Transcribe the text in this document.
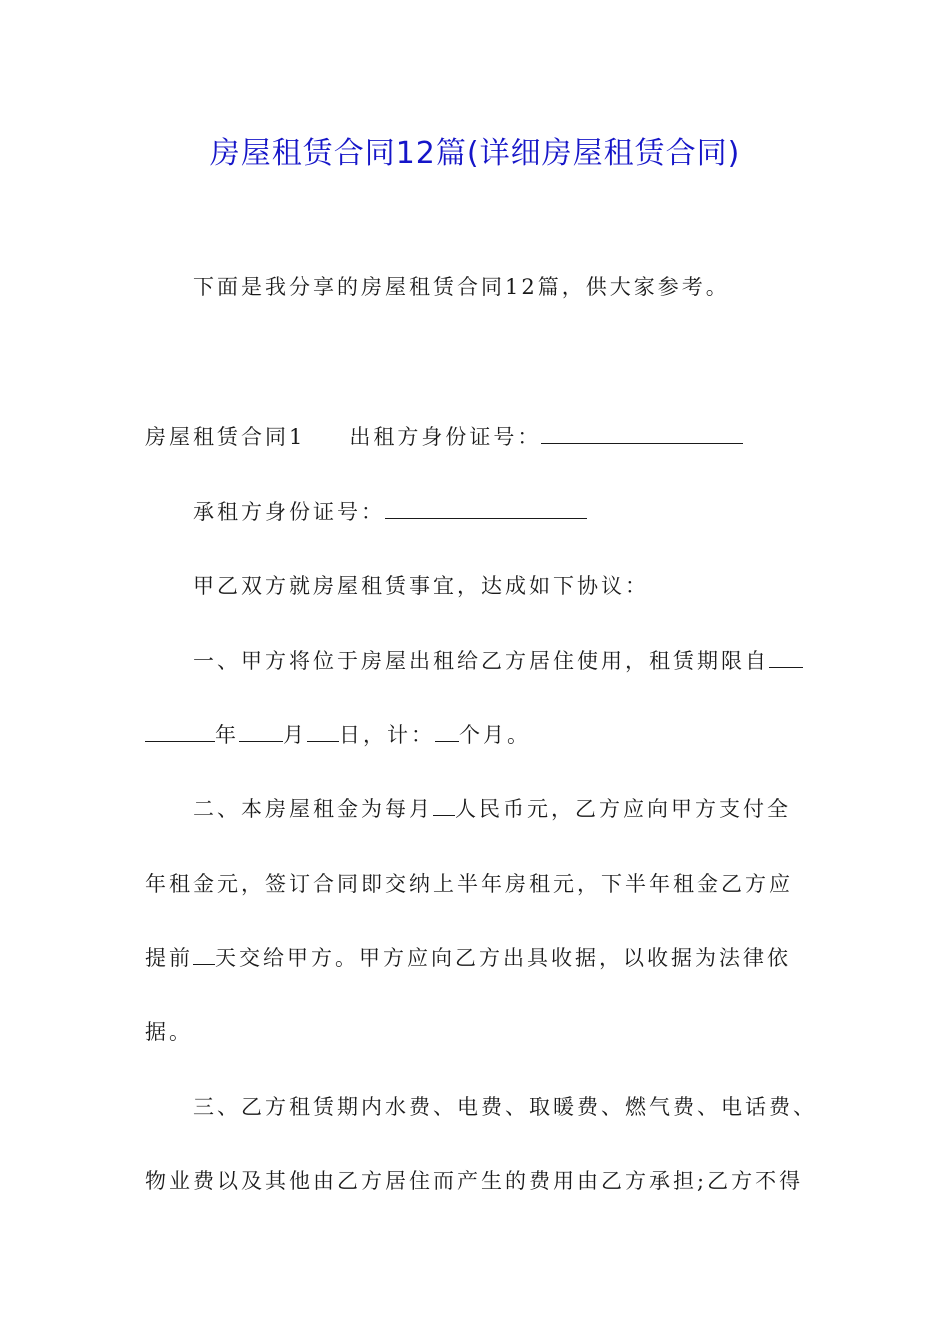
房屋租赁合同12篇(详细房屋租赁合同)
下面是我分享的房屋租赁合同12篇，供大家参考。
房屋租赁合同1 出租方身份证号：
承租方身份证号：
甲乙双方就房屋租赁事宜，达成如下协议：
一、甲方将位于房屋出租给乙方居住使用，租赁期限自
年 月 日，计： 个月。
二、本房屋租金为每月 人民币元，乙方应向甲方支付全
年租金元，签订合同即交纳上半年房租元，下半年租金乙方应
提前 天交给甲方。甲方应向乙方出具收据，以收据为法律依
据。
三、乙方租赁期内水费、电费、取暖费、燃气费、电话费、
物业费以及其他由乙方居住而产生的费用由乙方承担;乙方不得
